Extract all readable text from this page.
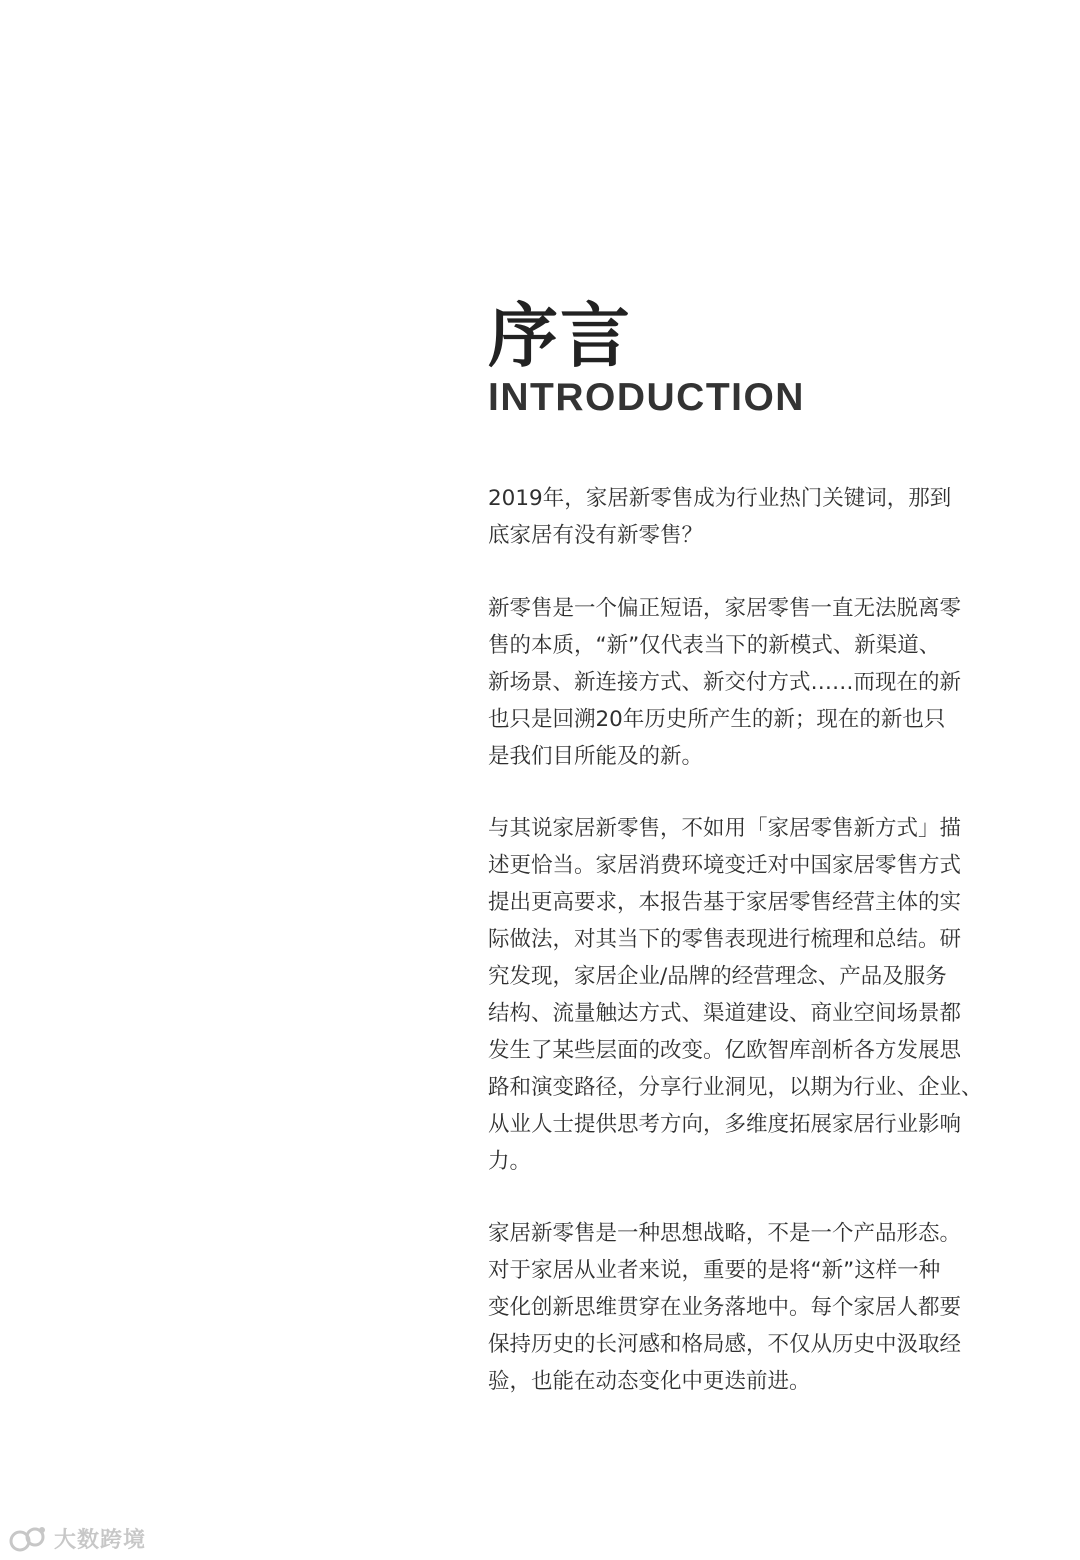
序言
INTRODUCTION

2019年，家居新零售成为行业热门关键词，那到
底家居有没有新零售？

新零售是一个偏正短语，家居零售一直无法脱离零
售的本质，“新”仅代表当下的新模式、新渠道、
新场景、新连接方式、新交付方式……而现在的新
也只是回溯20年历史所产生的新；现在的新也只
是我们目所能及的新。

与其说家居新零售，不如用「家居零售新方式」描
述更恰当。家居消费环境变迁对中国家居零售方式
提出更高要求，本报告基于家居零售经营主体的实
际做法，对其当下的零售表现进行梳理和总结。研
究发现，家居企业/品牌的经营理念、产品及服务
结构、流量触达方式、渠道建设、商业空间场景都
发生了某些层面的改变。亿欧智库剖析各方发展思
路和演变路径，分享行业洞见，以期为行业、企业、
从业人士提供思考方向，多维度拓展家居行业影响
力。

家居新零售是一种思想战略，不是一个产品形态。
对于家居从业者来说，重要的是将“新”这样一种
变化创新思维贯穿在业务落地中。每个家居人都要
保持历史的长河感和格局感，不仅从历史中汲取经
验，也能在动态变化中更迭前进。

大数跨境
